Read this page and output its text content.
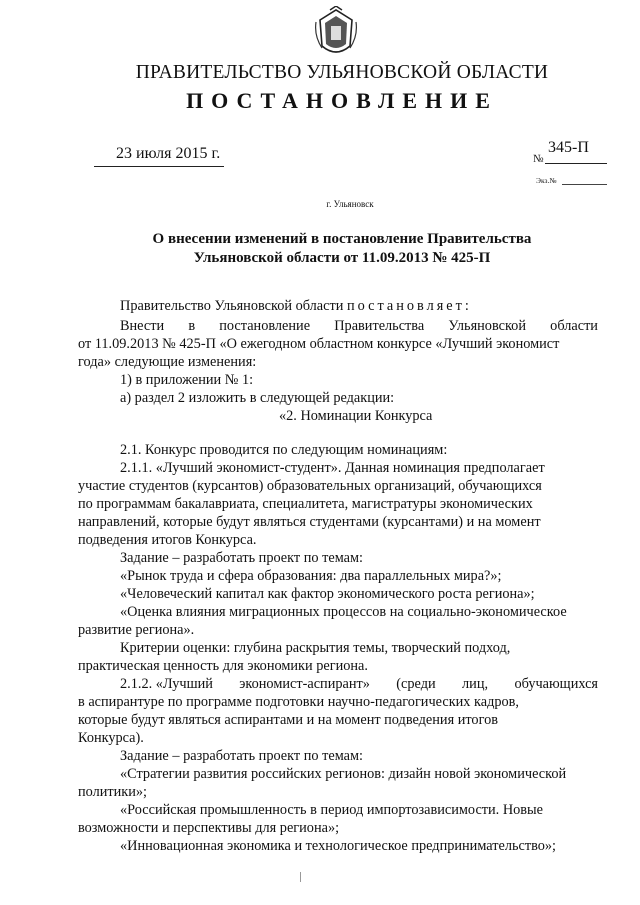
ПРАВИТЕЛЬСТВО УЛЬЯНОВСКОЙ ОБЛАСТИ
ПОСТАНОВЛЕНИЕ
23 июля 2015 г.	№
345-П
Экз.№
г. Ульяновск
О внесении изменений в постановление Правительства
Ульяновской области от 11.09.2013 № 425-П
Правительство Ульяновской области постановляет:
Внести в постановление Правительства Ульяновской области
от 11.09.2013 № 425-П «О ежегодном областном конкурсе «Лучший экономист
года» следующие изменения:
1) в приложении № 1:
а) раздел 2 изложить в следующей редакции:
«2. Номинации Конкурса
2.1. Конкурс проводится по следующим номинациям:
2.1.1. «Лучший экономист-студент». Данная номинация предполагает
участие студентов (курсантов) образовательных организаций, обучающихся
по программам бакалавриата, специалитета, магистратуры экономических
направлений, которые будут являться студентами (курсантами) и на момент
подведения итогов Конкурса.
Задание – разработать проект по темам:
«Рынок труда и сфера образования: два параллельных мира?»;
«Человеческий капитал как фактор экономического роста региона»;
«Оценка влияния миграционных процессов на социально-экономическое
развитие региона».
Критерии оценки: глубина раскрытия темы, творческий подход,
практическая ценность для экономики региона.
2.1.2. «Лучший экономист-аспирант» (среди лиц, обучающихся
в аспирантуре по программе подготовки научно-педагогических кадров,
которые будут являться аспирантами и на момент подведения итогов
Конкурса).
Задание – разработать проект по темам:
«Стратегии развития российских регионов: дизайн новой экономической
политики»;
«Российская промышленность в период импортозависимости. Новые
возможности и перспективы для региона»;
«Инновационная экономика и технологическое предпринимательство»;
